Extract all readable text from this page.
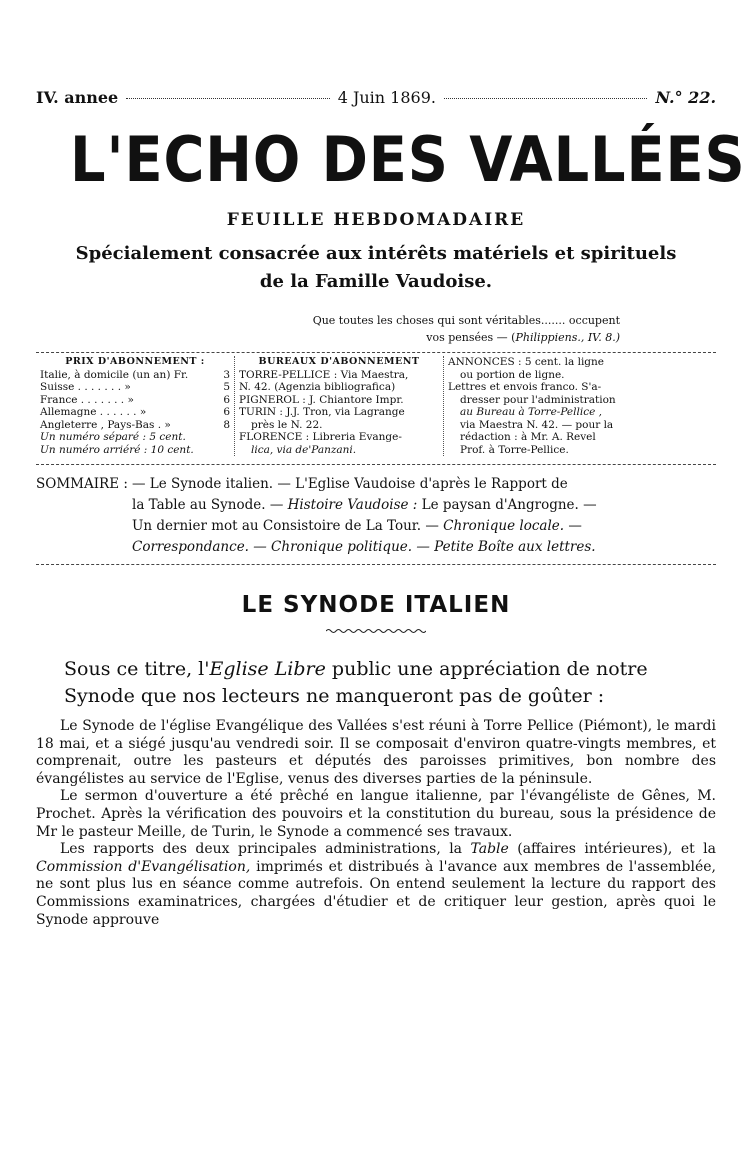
IV. annee	4 Juin 1869.	N.° 22.
L'ECHO DES VALLÉES
FEUILLE HEBDOMADAIRE
Spécialement consacrée aux intérêts matériels et spirituels
de la Famille Vaudoise.
Que toutes les choses qui sont véritables....... occupent
vos pensées — (Philippiens., IV. 8.)
PRIX D'ABONNEMENT :
Italie, à domicile (un an) Fr.	3
Suisse . . . . . . . »	5
France . . . . . . . »	6
Allemagne . . . . . . »	6
Angleterre , Pays-Bas . »	8
Un numéro séparé : 5 cent.
Un numéro arriéré : 10 cent.
BUREAUX D'ABONNEMENT
TORRE-PELLICE : Via Maestra,
N. 42. (Agenzia bibliografica)
PIGNEROL : J. Chiantore Impr.
TURIN : J.J. Tron, via Lagrange
près le N. 22.
FLORENCE : Libreria Evange-
lica, via de'Panzani.
ANNONCES : 5 cent. la ligne
ou portion de ligne.
Lettres et envois franco. S'a-
dresser pour l'administration
au Bureau à Torre-Pellice ,
via Maestra N. 42. — pour la
rédaction : à Mr. A. Revel
Prof. à Torre-Pellice.
SOMMAIRE : — Le Synode italien. — L'Eglise Vaudoise d'après le Rapport de
la Table au Synode. — Histoire Vaudoise : Le paysan d'Angrogne. —
Un dernier mot au Consistoire de La Tour. — Chronique locale. —
Correspondance. — Chronique politique. — Petite Boîte aux lettres.
LE SYNODE ITALIEN
Sous ce titre, l'Eglise Libre public une appréciation de notre Synode que nos lecteurs ne manqueront pas de goûter :

Le Synode de l'église Evangélique des Vallées s'est réuni à Torre Pellice (Piémont), le mardi 18 mai, et a siégé jusqu'au vendredi soir. Il se composait d'environ quatre-vingts membres, et comprenait, outre les pasteurs et députés des paroisses primitives, bon nombre des évangélistes au service de l'Eglise, venus des diverses parties de la péninsule.

Le sermon d'ouverture a été prêché en langue italienne, par l'évangéliste de Gênes, M. Prochet. Après la vérification des pouvoirs et la constitution du bureau, sous la présidence de Mr le pasteur Meille, de Turin, le Synode a commencé ses travaux.

Les rapports des deux principales administrations, la Table (affaires intérieures), et la Commission d'Evangélisation, imprimés et distribués à l'avance aux membres de l'assemblée, ne sont plus lus en séance comme autrefois. On entend seulement la lecture du rapport des Commissions examinatrices, chargées d'étudier et de critiquer leur gestion, après quoi le Synode approuve
